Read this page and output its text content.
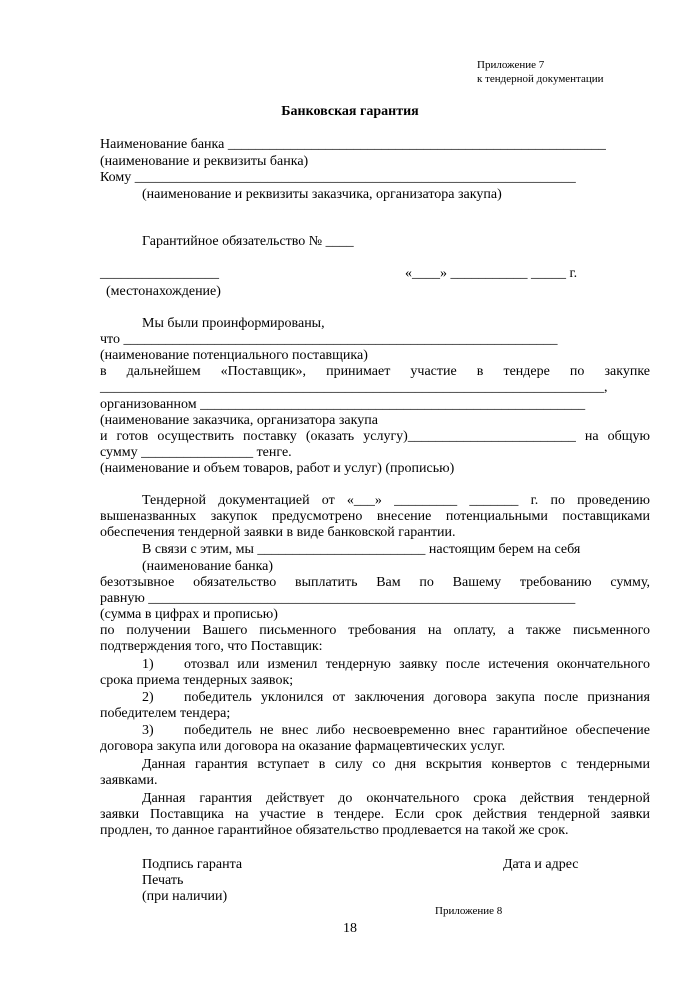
Приложение 7
к тендерной документации
Банковская гарантия
Наименование банка ______________________________________________________
(наименование и реквизиты банка)
Кому _______________________________________________________________
(наименование и реквизиты заказчика, организатора закупа)
Гарантийное обязательство № ____
_________________	«____» ___________ _____ г.
(местонахождение)
Мы были проинформированы,
что ______________________________________________________________
(наименование потенциального поставщика)
в дальнейшем «Поставщик», принимает участие в тендере по закупке
________________________________________________________________________,
организованном _______________________________________________________
(наименование заказчика, организатора закупа
и готов осуществить поставку (оказать услугу)________________________ на общую
сумму ________________ тенге.
(наименование и объем товаров, работ и услуг) (прописью)
Тендерной документацией от «___» _________ _______ г. по проведению
вышеназванных закупок предусмотрено внесение потенциальными поставщиками
обеспечения тендерной заявки в виде банковской гарантии.
В связи с этим, мы ________________________ настоящим берем на себя
(наименование банка)
безотзывное обязательство выплатить Вам по Вашему требованию сумму,
равную _____________________________________________________________
(сумма в цифрах и прописью)
по получении Вашего письменного требования на оплату, а также письменного
подтверждения того, что Поставщик:
1) отозвал или изменил тендерную заявку после истечения окончательного
срока приема тендерных заявок;
2) победитель уклонился от заключения договора закупа после признания
победителем тендера;
3) победитель не внес либо несвоевременно внес гарантийное обеспечение
договора закупа или договора на оказание фармацевтических услуг.
Данная гарантия вступает в силу со дня вскрытия конвертов с тендерными
заявками.
Данная гарантия действует до окончательного срока действия тендерной
заявки Поставщика на участие в тендере. Если срок действия тендерной заявки
продлен, то данное гарантийное обязательство продлевается на такой же срок.
Подпись гаранта	Дата и адрес
Печать
(при наличии)
Приложение 8
18
